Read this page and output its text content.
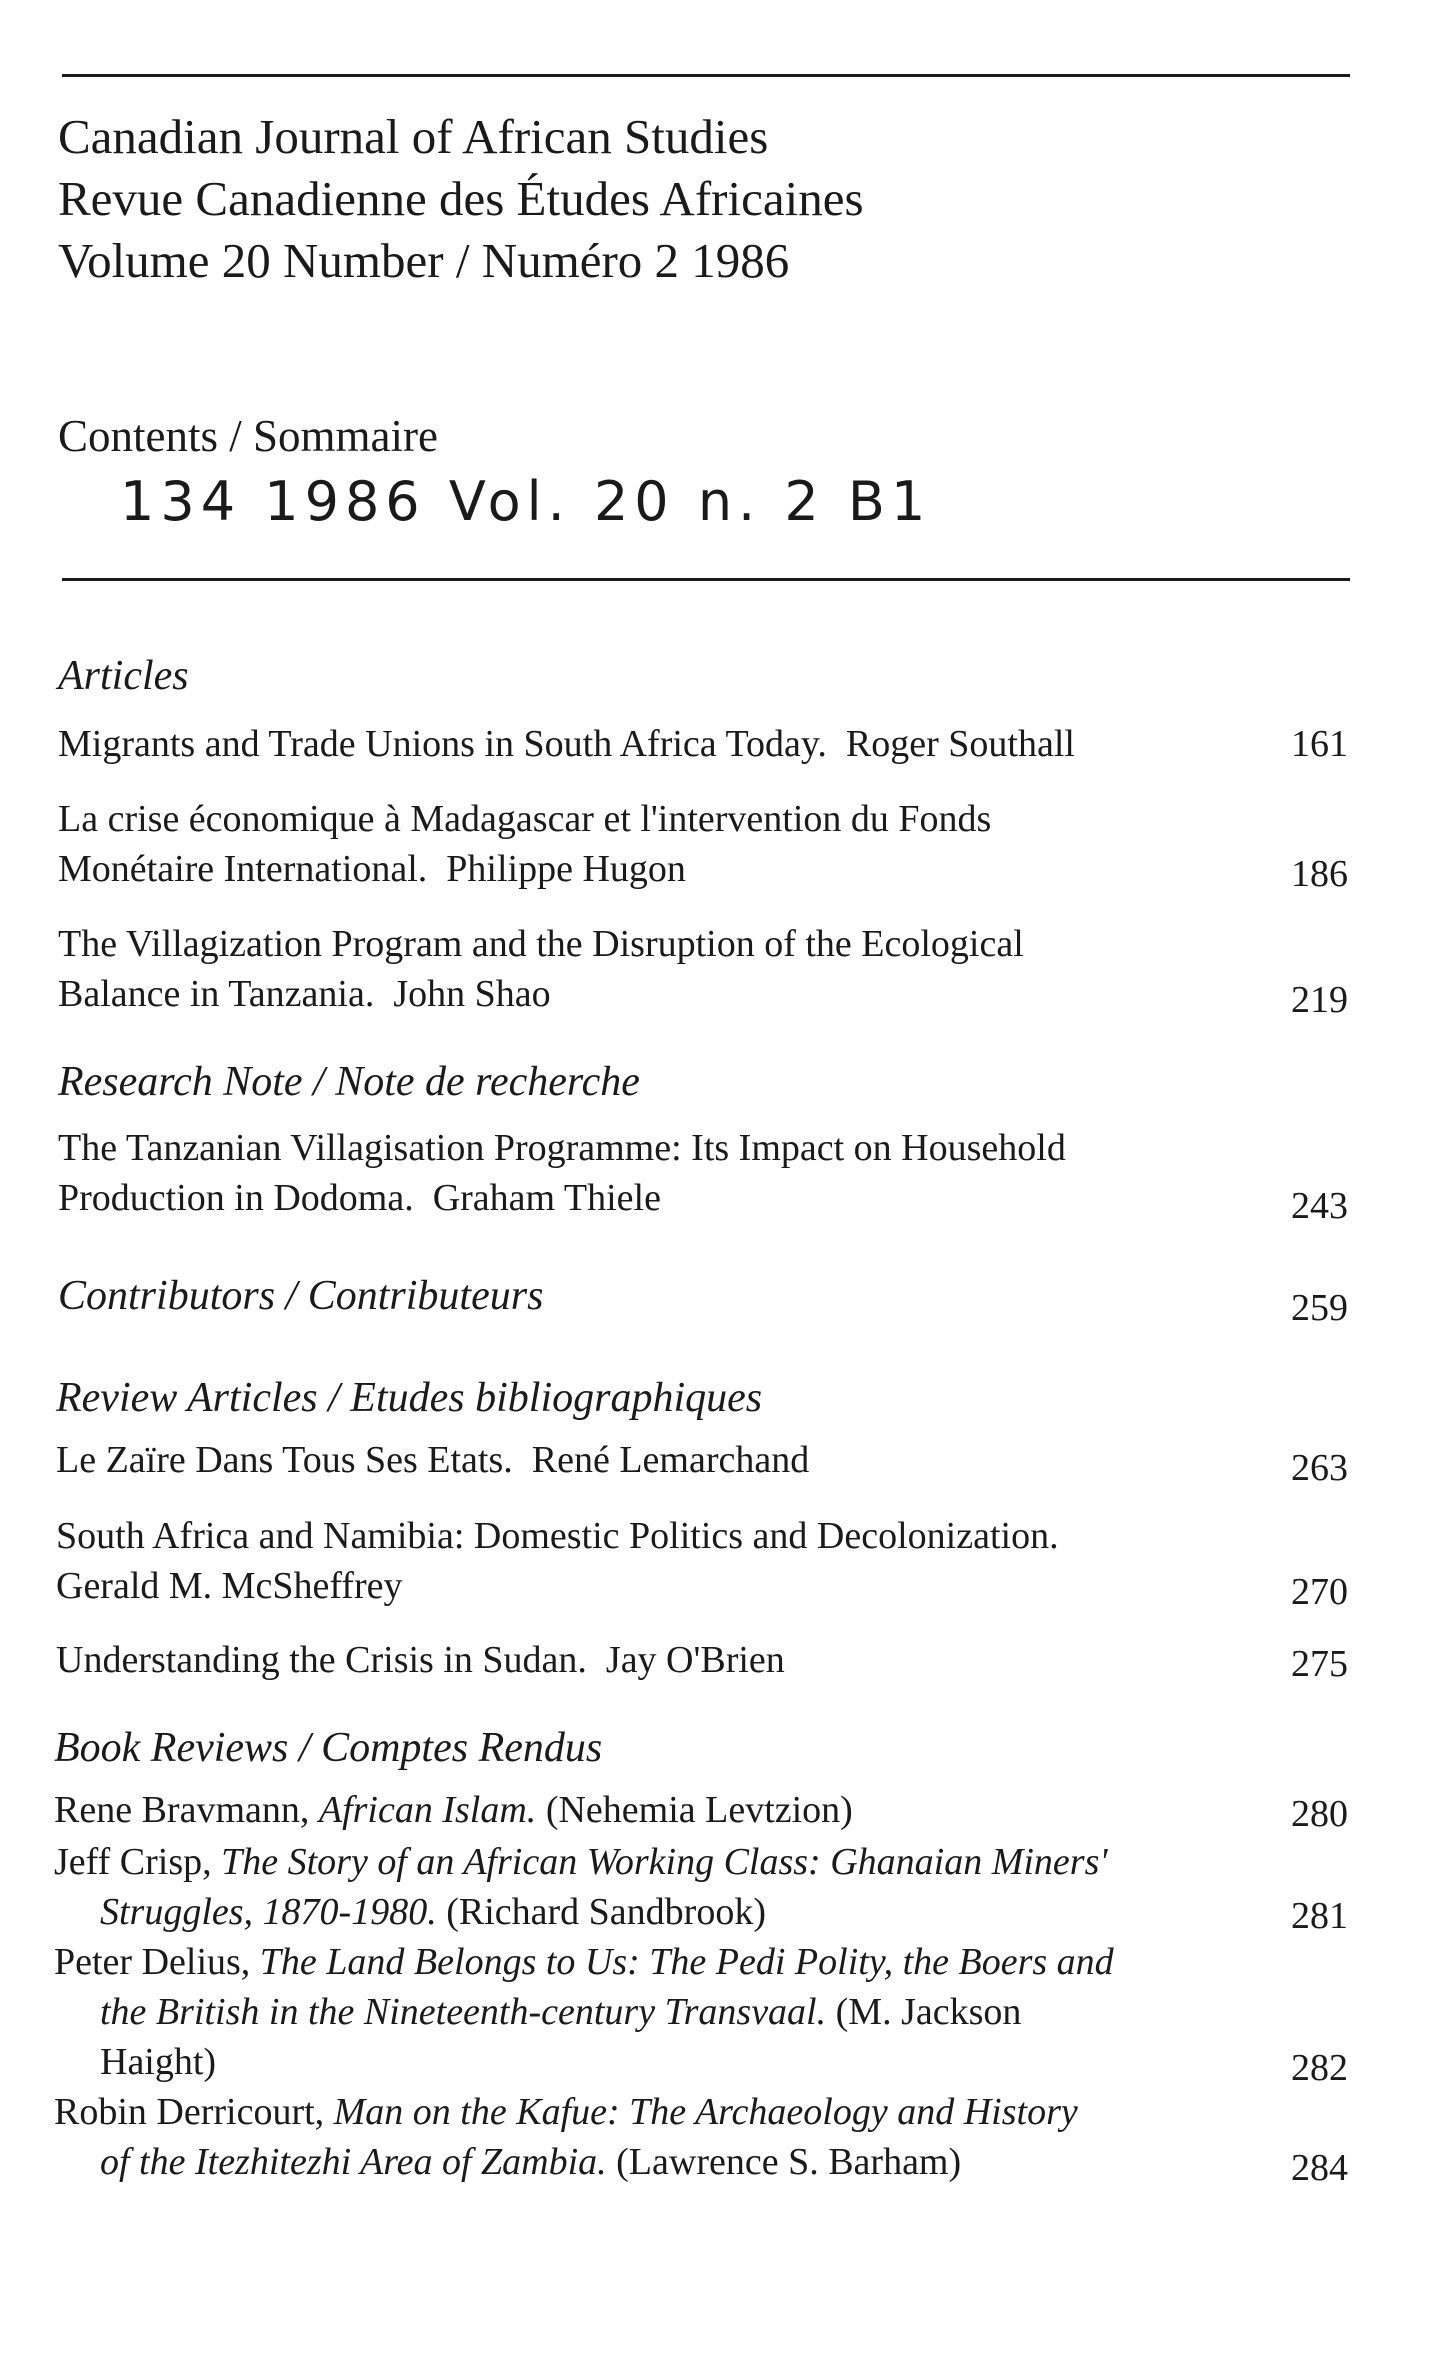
Canadian Journal of African Studies
Revue Canadienne des Études Africaines
Volume 20 Number / Numéro 2 1986
Contents / Sommaire
134 1986 Vol. 20 n. 2 B1
Articles
Migrants and Trade Unions in South Africa Today. Roger Southall	161
La crise économique à Madagascar et l'intervention du Fonds
Monétaire International. Philippe Hugon	186
The Villagization Program and the Disruption of the Ecological
Balance in Tanzania. John Shao	219
Research Note / Note de recherche
The Tanzanian Villagisation Programme: Its Impact on Household
Production in Dodoma. Graham Thiele	243
Contributors / Contributeurs	259
Review Articles / Etudes bibliographiques
Le Zaïre Dans Tous Ses Etats. René Lemarchand	263
South Africa and Namibia: Domestic Politics and Decolonization.
Gerald M. McSheffrey	270
Understanding the Crisis in Sudan. Jay O'Brien	275
Book Reviews / Comptes Rendus
Rene Bravmann, African Islam. (Nehemia Levtzion)	280
Jeff Crisp, The Story of an African Working Class: Ghanaian Miners'
Struggles, 1870-1980. (Richard Sandbrook)	281
Peter Delius, The Land Belongs to Us: The Pedi Polity, the Boers and
the British in the Nineteenth-century Transvaal. (M. Jackson
Haight)	282
Robin Derricourt, Man on the Kafue: The Archaeology and History
of the Itezhitezhi Area of Zambia. (Lawrence S. Barham)	284
